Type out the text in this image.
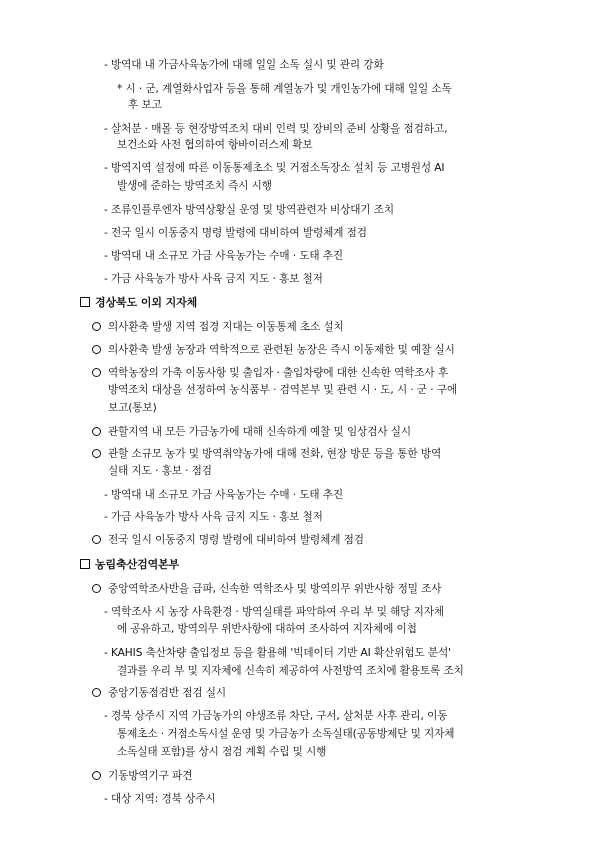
- 방역대 내 가금사육농가에 대해 일일 소독 실시 및 관리 강화
* 시 · 군, 계열화사업자 등을 통해 계열농가 및 개인농가에 대해 일일 소독
후 보고
- 살처분 · 매몰 등 현장방역조치 대비 인력 및 장비의 준비 상황을 점검하고,
보건소와 사전 협의하여 항바이러스제 확보
- 방역지역 설정에 따른 이동통제초소 및 거점소독장소 설치 등 고병원성 AI
발생에 준하는 방역조치 즉시 시행
- 조류인플루엔자 방역상황실 운영 및 방역관련자 비상대기 조치
- 전국 일시 이동중지 명령 발령에 대비하여 발령체계 점검
- 방역대 내 소규모 가금 사육농가는 수매 · 도태 추진
- 가금 사육농가 방사 사육 금지 지도 · 홍보 철저
경상북도 이외 지자체
의사환축 발생 지역 접경 지대는 이동통제 초소 설치
의사환축 발생 농장과 역학적으로 관련된 농장은 즉시 이동제한 및 예찰 실시
역학농장의 가축 이동사항 및 출입자 · 출입차량에 대한 신속한 역학조사 후
방역조치 대상을 선정하여 농식품부 · 검역본부 및 관련 시 · 도, 시 · 군 · 구에
보고(통보)
관할지역 내 모든 가금농가에 대해 신속하게 예찰 및 임상검사 실시
관할 소규모 농가 및 방역취약농가에 대해 전화, 현장 방문 등을 통한 방역
실태 지도 · 홍보 · 점검
- 방역대 내 소규모 가금 사육농가는 수매 · 도태 추진
- 가금 사육농가 방사 사육 금지 지도 · 홍보 철저
전국 일시 이동중지 명령 발령에 대비하여 발령체계 점검
농림축산검역본부
중앙역학조사반을 급파, 신속한 역학조사 및 방역의무 위반사항 정밀 조사
- 역학조사 시 농장 사육환경 · 방역실태를 파악하여 우리 부 및 해당 지자체
에 공유하고, 방역의무 위반사항에 대하여 조사하여 지자체에 이첩
- KAHIS 축산차량 출입정보 등을 활용해 '빅데이터 기반 AI 확산위험도 분석'
결과를 우리 부 및 지자체에 신속히 제공하여 사전방역 조치에 활용토록 조치
중앙기동점검반 점검 실시
- 경북 상주시 지역 가금농가의 야생조류 차단, 구서, 살처분 사후 관리, 이동
통제초소 · 거점소독시설 운영 및 가금농가 소독실태(공동방제단 및 지자체
소독실태 포함)를 상시 점검 계획 수립 및 시행
기동방역기구 파견
- 대상 지역: 경북 상주시
